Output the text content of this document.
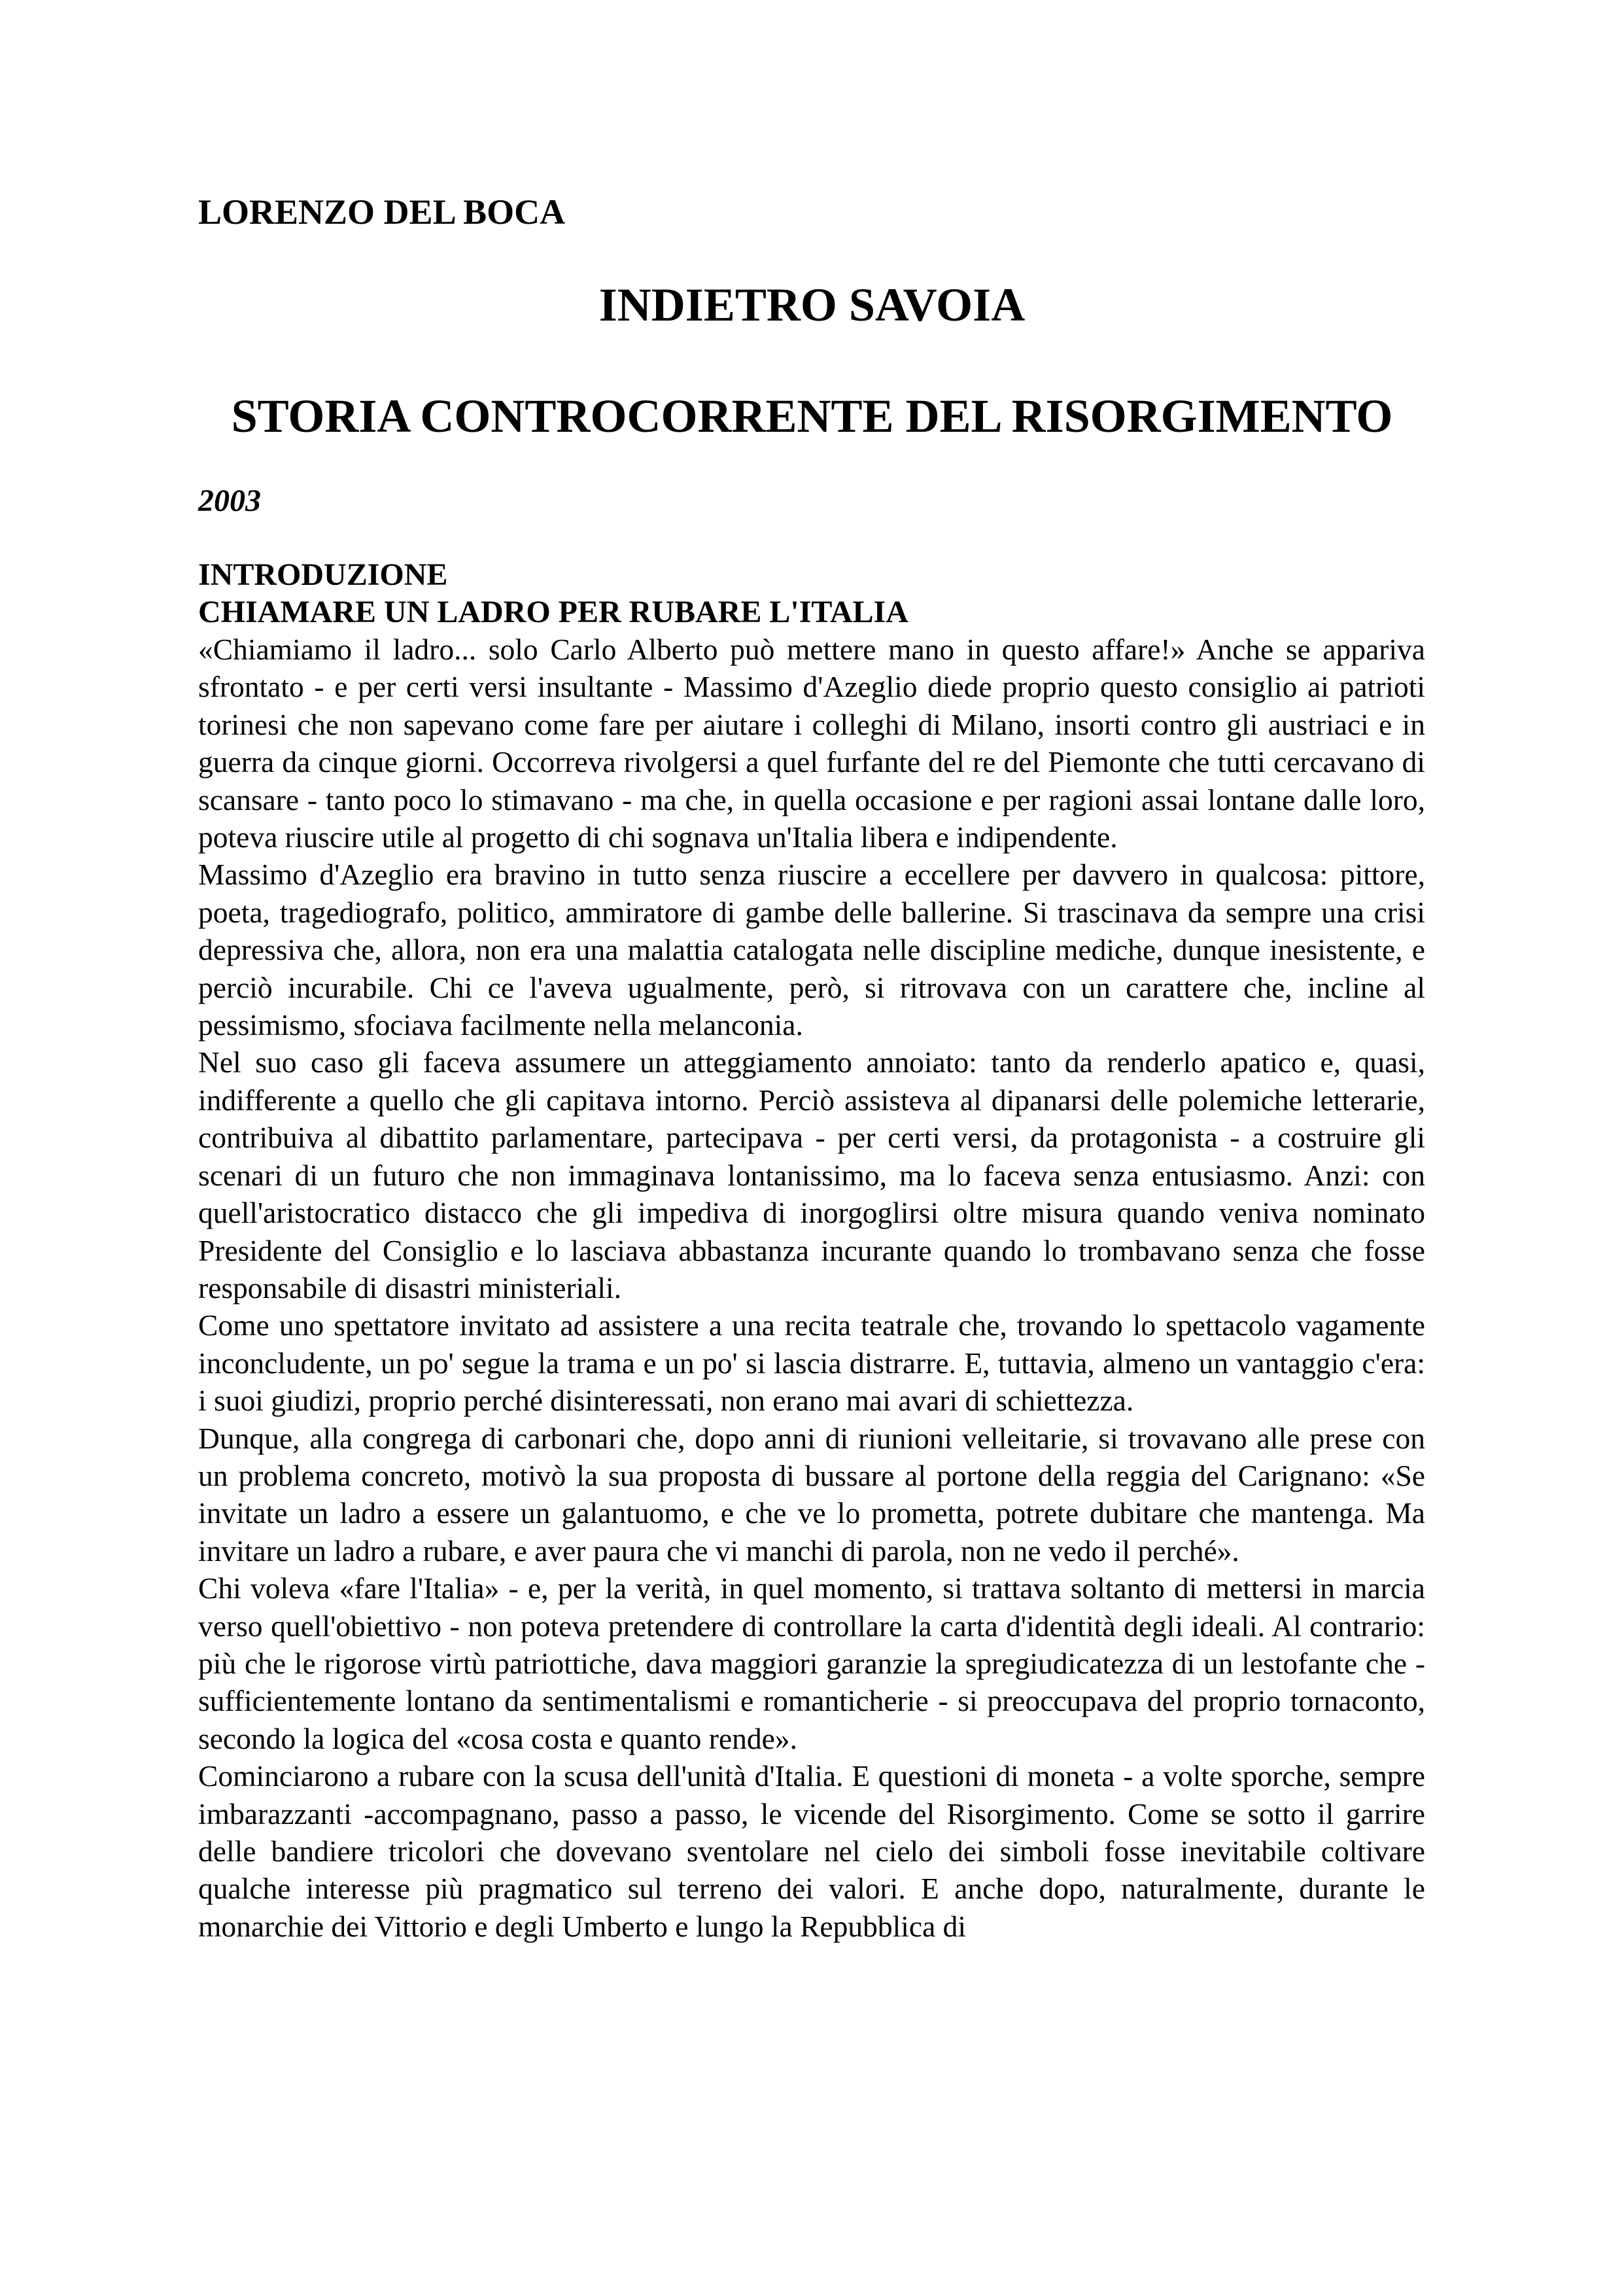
LORENZO DEL BOCA
INDIETRO SAVOIA
STORIA CONTROCORRENTE DEL RISORGIMENTO
2003
INTRODUZIONE
CHIAMARE UN LADRO PER RUBARE L'ITALIA

«Chiamiamo il ladro... solo Carlo Alberto può mettere mano in questo affare!» Anche se appariva sfrontato - e per certi versi insultante - Massimo d'Azeglio diede proprio questo consiglio ai patrioti torinesi che non sapevano come fare per aiutare i colleghi di Milano, insorti contro gli austriaci e in guerra da cinque giorni. Occorreva rivolgersi a quel furfante del re del Piemonte che tutti cercavano di scansare - tanto poco lo stimavano - ma che, in quella occasione e per ragioni assai lontane dalle loro, poteva riuscire utile al progetto di chi sognava un'Italia libera e indipendente.

Massimo d'Azeglio era bravino in tutto senza riuscire a eccellere per davvero in qualcosa: pittore, poeta, tragediografo, politico, ammiratore di gambe delle ballerine. Si trascinava da sempre una crisi depressiva che, allora, non era una malattia catalogata nelle discipline mediche, dunque inesistente, e perciò incurabile. Chi ce l'aveva ugualmente, però, si ritrovava con un carattere che, incline al pessimismo, sfociava facilmente nella melanconia.

Nel suo caso gli faceva assumere un atteggiamento annoiato: tanto da renderlo apatico e, quasi, indifferente a quello che gli capitava intorno. Perciò assisteva al dipanarsi delle polemiche letterarie, contribuiva al dibattito parlamentare, partecipava - per certi versi, da protagonista - a costruire gli scenari di un futuro che non immaginava lontanissimo, ma lo faceva senza entusiasmo. Anzi: con quell'aristocratico distacco che gli impediva di inorgoglirsi oltre misura quando veniva nominato Presidente del Consiglio e lo lasciava abbastanza incurante quando lo trombavano senza che fosse responsabile di disastri ministeriali.

Come uno spettatore invitato ad assistere a una recita teatrale che, trovando lo spettacolo vagamente inconcludente, un po' segue la trama e un po' si lascia distrarre. E, tuttavia, almeno un vantaggio c'era: i suoi giudizi, proprio perché disinteressati, non erano mai avari di schiettezza.

Dunque, alla congrega di carbonari che, dopo anni di riunioni velleitarie, si trovavano alle prese con un problema concreto, motivò la sua proposta di bussare al portone della reggia del Carignano: «Se invitate un ladro a essere un galantuomo, e che ve lo prometta, potrete dubitare che mantenga. Ma invitare un ladro a rubare, e aver paura che vi manchi di parola, non ne vedo il perché».

Chi voleva «fare l'Italia» - e, per la verità, in quel momento, si trattava soltanto di mettersi in marcia verso quell'obiettivo - non poteva pretendere di controllare la carta d'identità degli ideali. Al contrario: più che le rigorose virtù patriottiche, dava maggiori garanzie la spregiudicatezza di un lestofante che - sufficientemente lontano da sentimentalismi e romanticherie - si preoccupava del proprio tornaconto, secondo la logica del «cosa costa e quanto rende».

Cominciarono a rubare con la scusa dell'unità d'Italia. E questioni di moneta - a volte sporche, sempre imbarazzanti -accompagnano, passo a passo, le vicende del Risorgimento. Come se sotto il garrire delle bandiere tricolori che dovevano sventolare nel cielo dei simboli fosse inevitabile coltivare qualche interesse più pragmatico sul terreno dei valori. E anche dopo, naturalmente, durante le monarchie dei Vittorio e degli Umberto e lungo la Repubblica di
